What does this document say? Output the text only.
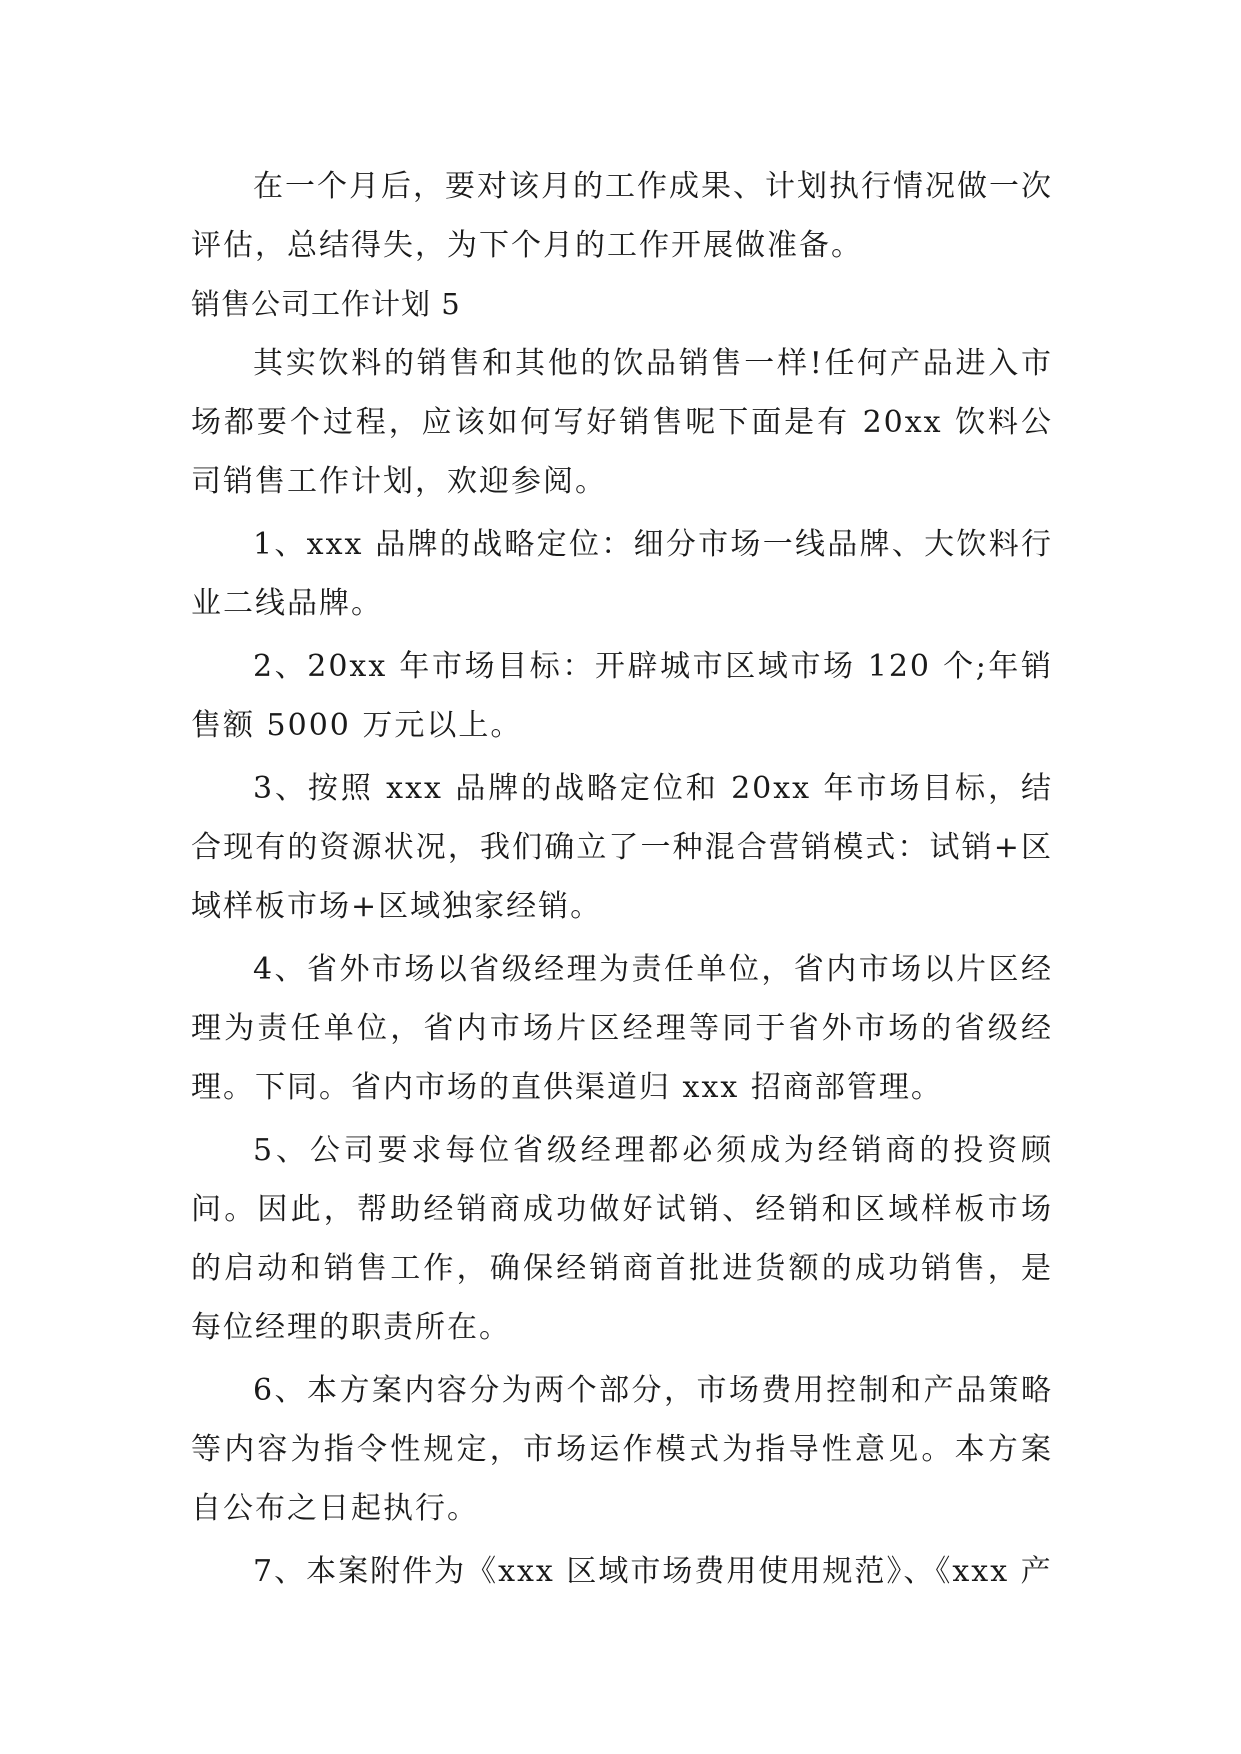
在一个月后，要对该月的工作成果、计划执行情况做一次评估，总结得失，为下个月的工作开展做准备。

销售公司工作计划 5

其实饮料的销售和其他的饮品销售一样!任何产品进入市场都要个过程，应该如何写好销售呢下面是有 20xx 饮料公司销售工作计划，欢迎参阅。

1、xxx 品牌的战略定位：细分市场一线品牌、大饮料行业二线品牌。

2、20xx 年市场目标：开辟城市区域市场 120 个;年销售额 5000 万元以上。

3、按照 xxx 品牌的战略定位和 20xx 年市场目标，结合现有的资源状况，我们确立了一种混合营销模式：试销+区域样板市场+区域独家经销。

4、省外市场以省级经理为责任单位，省内市场以片区经理为责任单位，省内市场片区经理等同于省外市场的省级经理。下同。省内市场的直供渠道归 xxx 招商部管理。

5、公司要求每位省级经理都必须成为经销商的投资顾问。因此，帮助经销商成功做好试销、经销和区域样板市场的启动和销售工作，确保经销商首批进货额的成功销售，是每位经理的职责所在。

6、本方案内容分为两个部分，市场费用控制和产品策略等内容为指令性规定，市场运作模式为指导性意见。本方案自公布之日起执行。

7、本案附件为《xxx 区域市场费用使用规范》、《xxx 产
